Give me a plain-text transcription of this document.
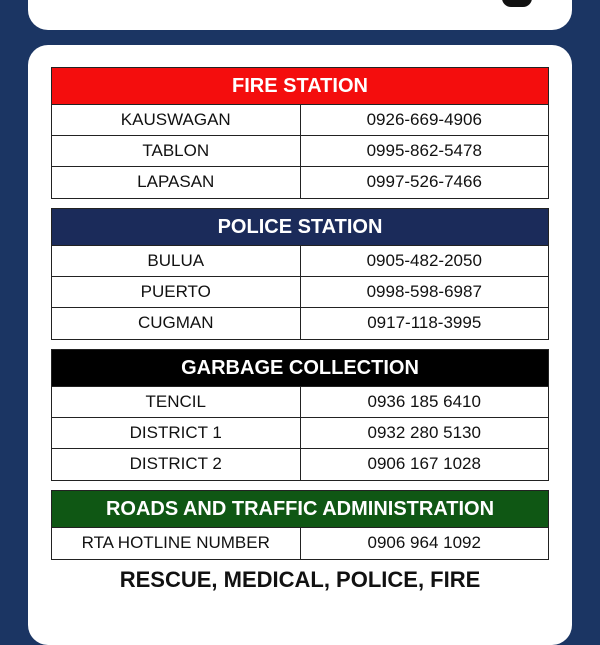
FIRE STATION
KAUSWAGAN	0926-669-4906
TABLON	0995-862-5478
LAPASAN	0997-526-7466
POLICE STATION
BULUA	0905-482-2050
PUERTO	0998-598-6987
CUGMAN	0917-118-3995
GARBAGE COLLECTION
TENCIL	0936 185 6410
DISTRICT 1	0932 280 5130
DISTRICT 2	0906 167 1028
ROADS AND TRAFFIC ADMINISTRATION
RTA HOTLINE NUMBER	0906 964 1092
RESCUE, MEDICAL, POLICE, FIRE
